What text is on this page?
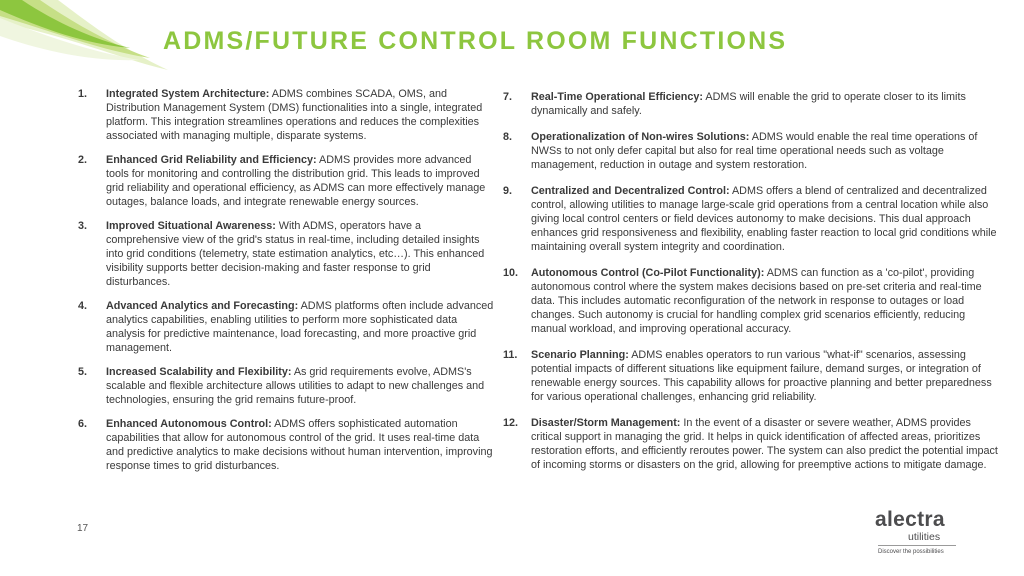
ADMS/FUTURE CONTROL ROOM FUNCTIONS
1.	Integrated System Architecture: ADMS combines SCADA, OMS, and Distribution Management System (DMS) functionalities into a single, integrated platform. This integration streamlines operations and reduces the complexities associated with managing multiple, disparate systems.
2.	Enhanced Grid Reliability and Efficiency: ADMS provides more advanced tools for monitoring and controlling the distribution grid. This leads to improved grid reliability and operational efficiency, as ADMS can more effectively manage outages, balance loads, and integrate renewable energy sources.
3.	Improved Situational Awareness: With ADMS, operators have a comprehensive view of the grid's status in real-time, including detailed insights into grid conditions (telemetry, state estimation analytics, etc…). This enhanced visibility supports better decision-making and faster response to grid disturbances.
4.	Advanced Analytics and Forecasting: ADMS platforms often include advanced analytics capabilities, enabling utilities to perform more sophisticated data analysis for predictive maintenance, load forecasting, and more proactive grid management.
5.	Increased Scalability and Flexibility: As grid requirements evolve, ADMS's scalable and flexible architecture allows utilities to adapt to new challenges and technologies, ensuring the grid remains future-proof.
6.	Enhanced Autonomous Control: ADMS offers sophisticated automation capabilities that allow for autonomous control of the grid. It uses real-time data and predictive analytics to make decisions without human intervention, improving response times to grid disturbances.
7.	Real-Time Operational Efficiency: ADMS will enable the grid to operate closer to its limits dynamically and safely.
8.	Operationalization of Non-wires Solutions: ADMS would enable the real time operations of NWSs to not only defer capital but also for real time operational needs such as voltage management, reduction in outage and system restoration.
9.	Centralized and Decentralized Control: ADMS offers a blend of centralized and decentralized control, allowing utilities to manage large-scale grid operations from a central location while also giving local control centers or field devices autonomy to make decisions. This dual approach enhances grid responsiveness and flexibility, enabling faster reaction to local grid conditions while maintaining overall system integrity and coordination.
10.	Autonomous Control (Co-Pilot Functionality): ADMS can function as a 'co-pilot', providing autonomous control where the system makes decisions based on pre-set criteria and real-time data. This includes automatic reconfiguration of the network in response to outages or load changes. Such autonomy is crucial for handling complex grid scenarios efficiently, reducing manual workload, and improving operational accuracy.
11.	Scenario Planning: ADMS enables operators to run various "what-if" scenarios, assessing potential impacts of different situations like equipment failure, demand surges, or integration of renewable energy sources. This capability allows for proactive planning and better preparedness for various operational challenges, enhancing grid reliability.
12.	Disaster/Storm Management: In the event of a disaster or severe weather, ADMS provides critical support in managing the grid. It helps in quick identification of affected areas, prioritizes restoration efforts, and efficiently reroutes power. The system can also predict the potential impact of incoming storms or disasters on the grid, allowing for preemptive actions to mitigate damage.
17	alectra
utilities
Discover the possibilities
